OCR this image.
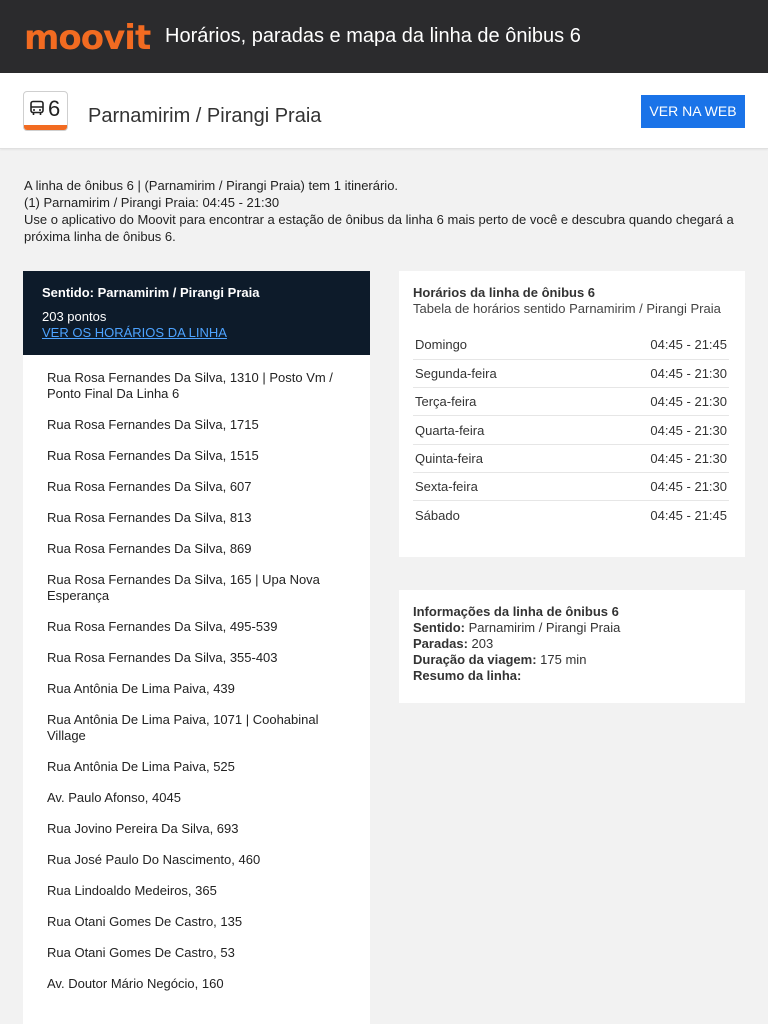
moovit Horários, paradas e mapa da linha de ônibus 6
6 Parnamirim / Pirangi Praia	VER NA WEB
A linha de ônibus 6 | (Parnamirim / Pirangi Praia) tem 1 itinerário.
(1) Parnamirim / Pirangi Praia: 04:45 - 21:30
Use o aplicativo do Moovit para encontrar a estação de ônibus da linha 6 mais perto de você e descubra quando chegará a próxima linha de ônibus 6.
Sentido: Parnamirim / Pirangi Praia
203 pontos
VER OS HORÁRIOS DA LINHA
Rua Rosa Fernandes Da Silva, 1310 | Posto Vm / Ponto Final Da Linha 6
Rua Rosa Fernandes Da Silva, 1715
Rua Rosa Fernandes Da Silva, 1515
Rua Rosa Fernandes Da Silva, 607
Rua Rosa Fernandes Da Silva, 813
Rua Rosa Fernandes Da Silva, 869
Rua Rosa Fernandes Da Silva, 165 | Upa Nova Esperança
Rua Rosa Fernandes Da Silva, 495-539
Rua Rosa Fernandes Da Silva, 355-403
Rua Antônia De Lima Paiva, 439
Rua Antônia De Lima Paiva, 1071 | Coohabinal Village
Rua Antônia De Lima Paiva, 525
Av. Paulo Afonso, 4045
Rua Jovino Pereira Da Silva, 693
Rua José Paulo Do Nascimento, 460
Rua Lindoaldo Medeiros, 365
Rua Otani Gomes De Castro, 135
Rua Otani Gomes De Castro, 53
Av. Doutor Mário Negócio, 160
Horários da linha de ônibus 6
Tabela de horários sentido Parnamirim / Pirangi Praia
Domingo	04:45 - 21:45
Segunda-feira	04:45 - 21:30
Terça-feira	04:45 - 21:30
Quarta-feira	04:45 - 21:30
Quinta-feira	04:45 - 21:30
Sexta-feira	04:45 - 21:30
Sábado	04:45 - 21:45
Informações da linha de ônibus 6
Sentido: Parnamirim / Pirangi Praia
Paradas: 203
Duração da viagem: 175 min
Resumo da linha:
